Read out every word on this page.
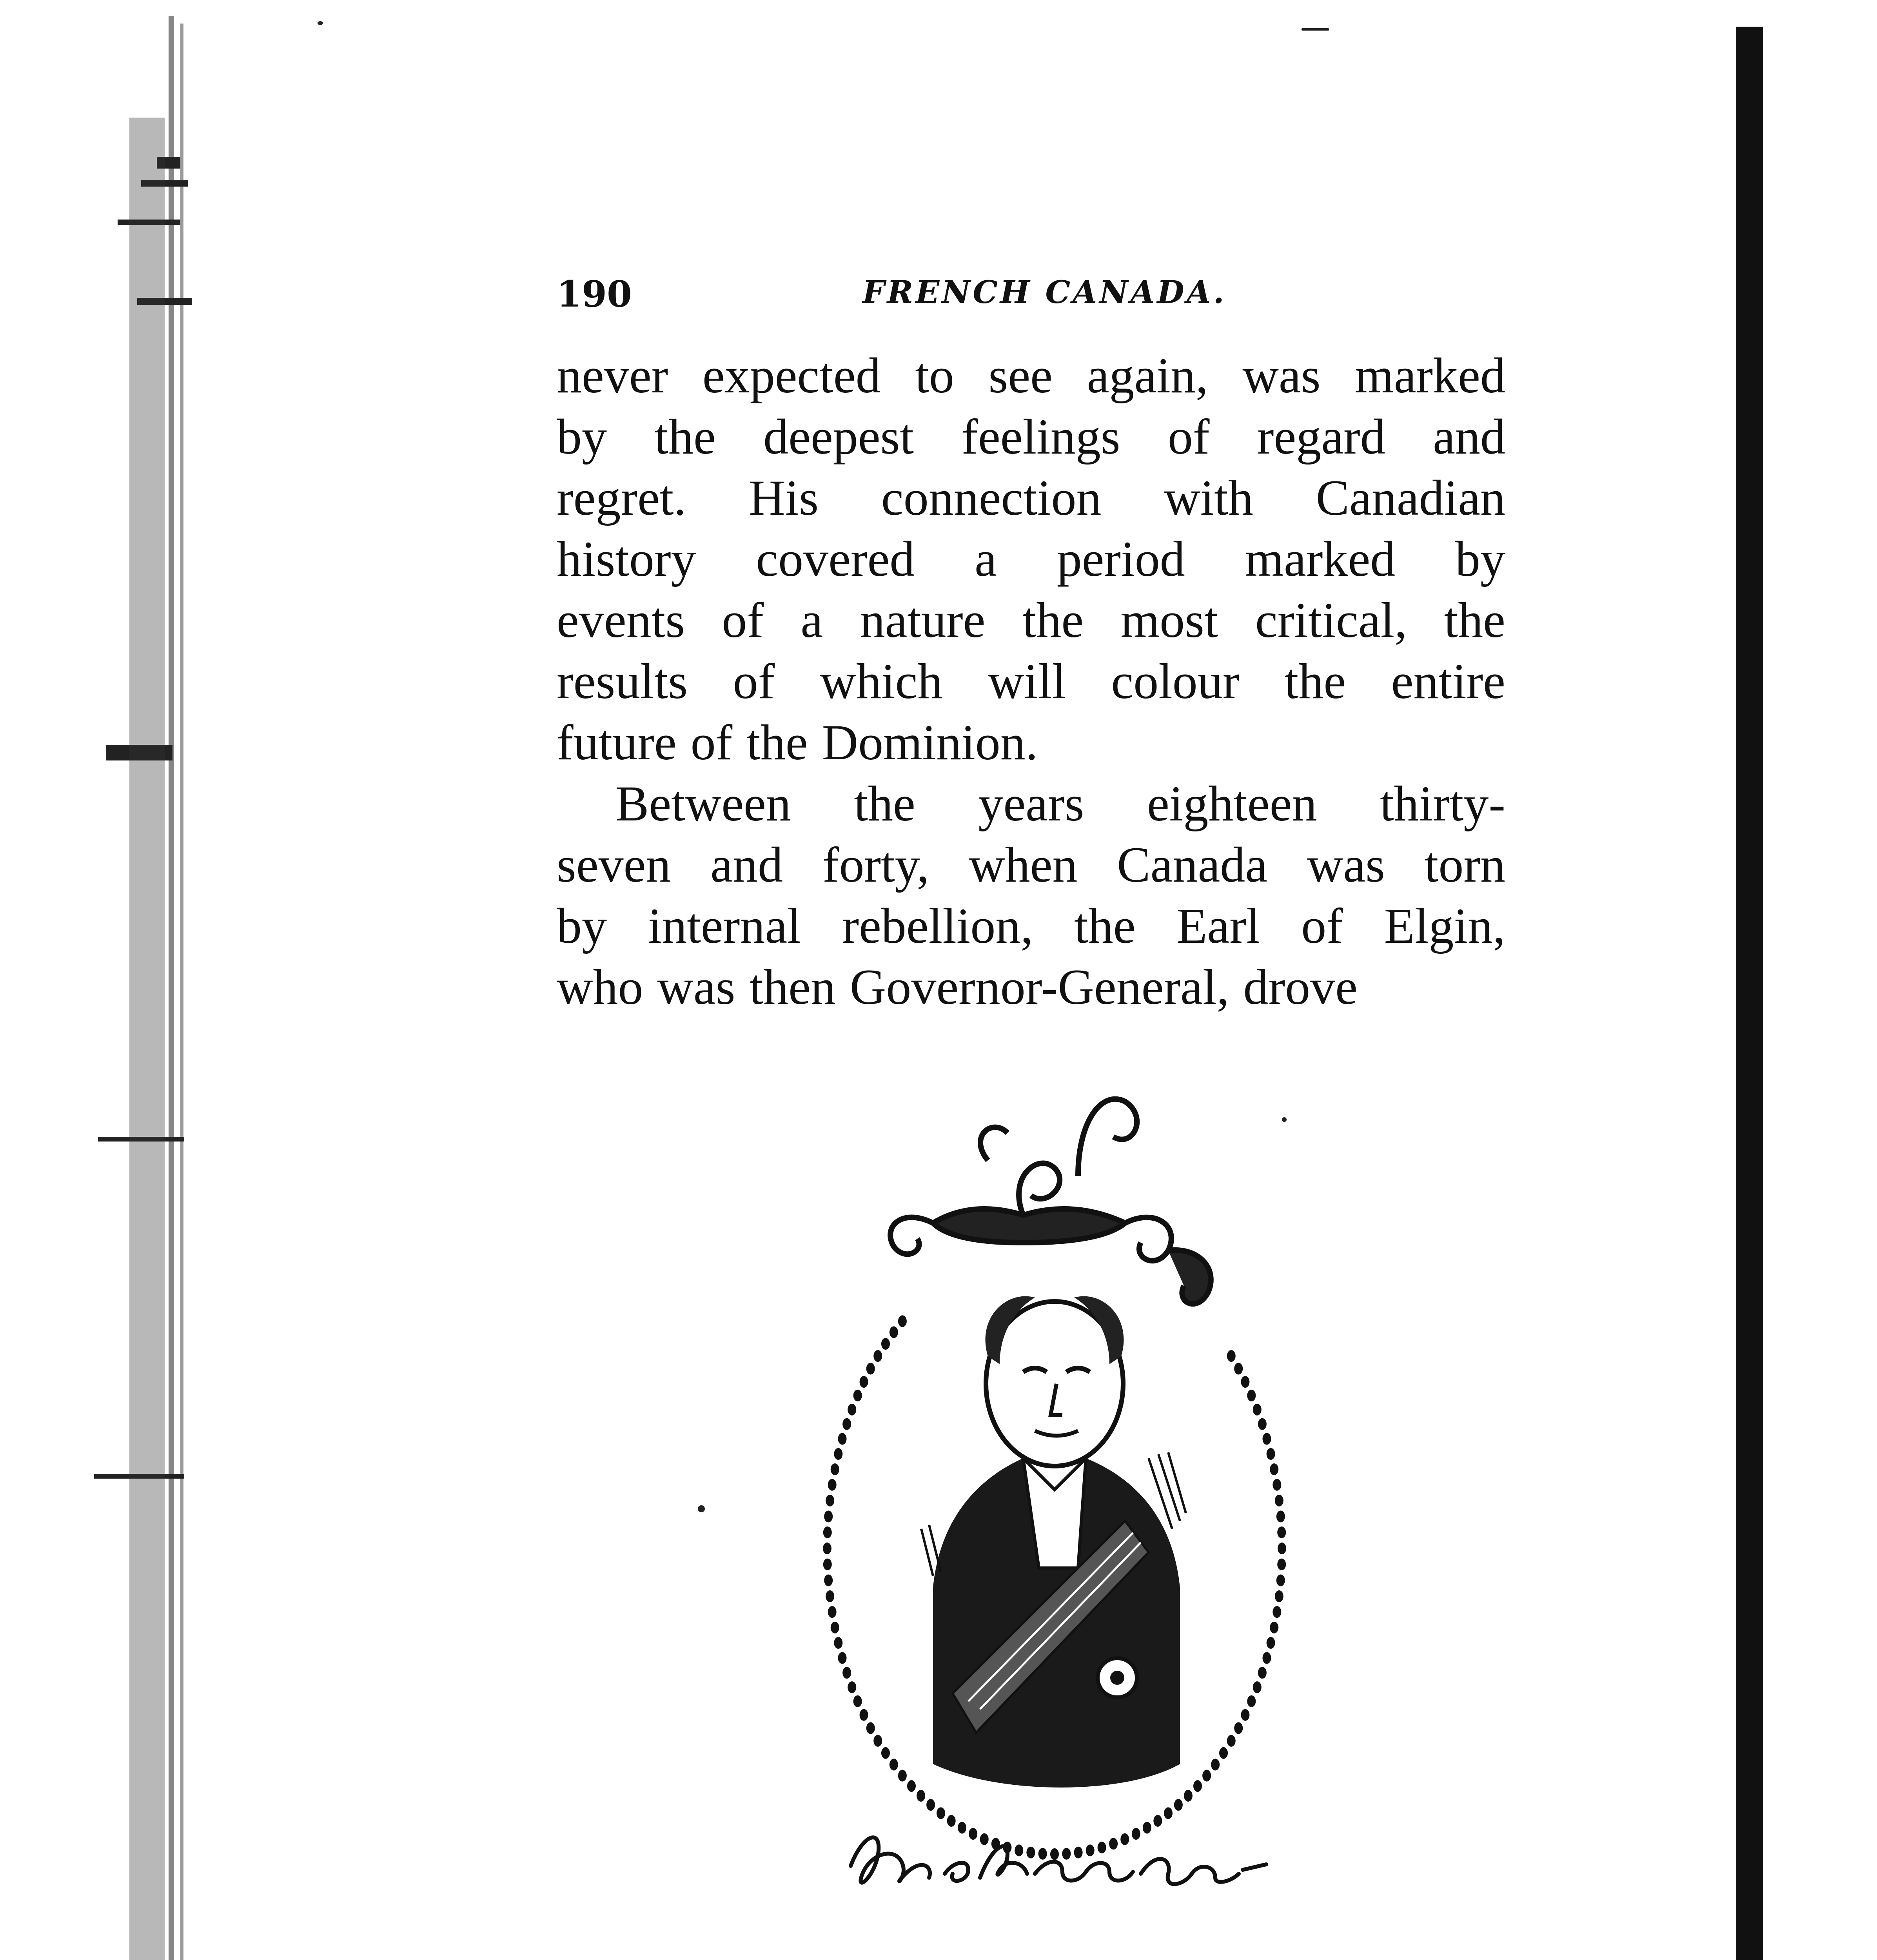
190	FRENCH CANADA.
never expected to see again, was marked
by the deepest feelings of regard and
regret. His connection with Canadian
history covered a period marked by
events of a nature the most critical, the
results of which will colour the entire
future of the Dominion.
Between the years eighteen thirty-
seven and forty, when Canada was torn
by internal rebellion, the Earl of Elgin,
who was then Governor-General, drove
